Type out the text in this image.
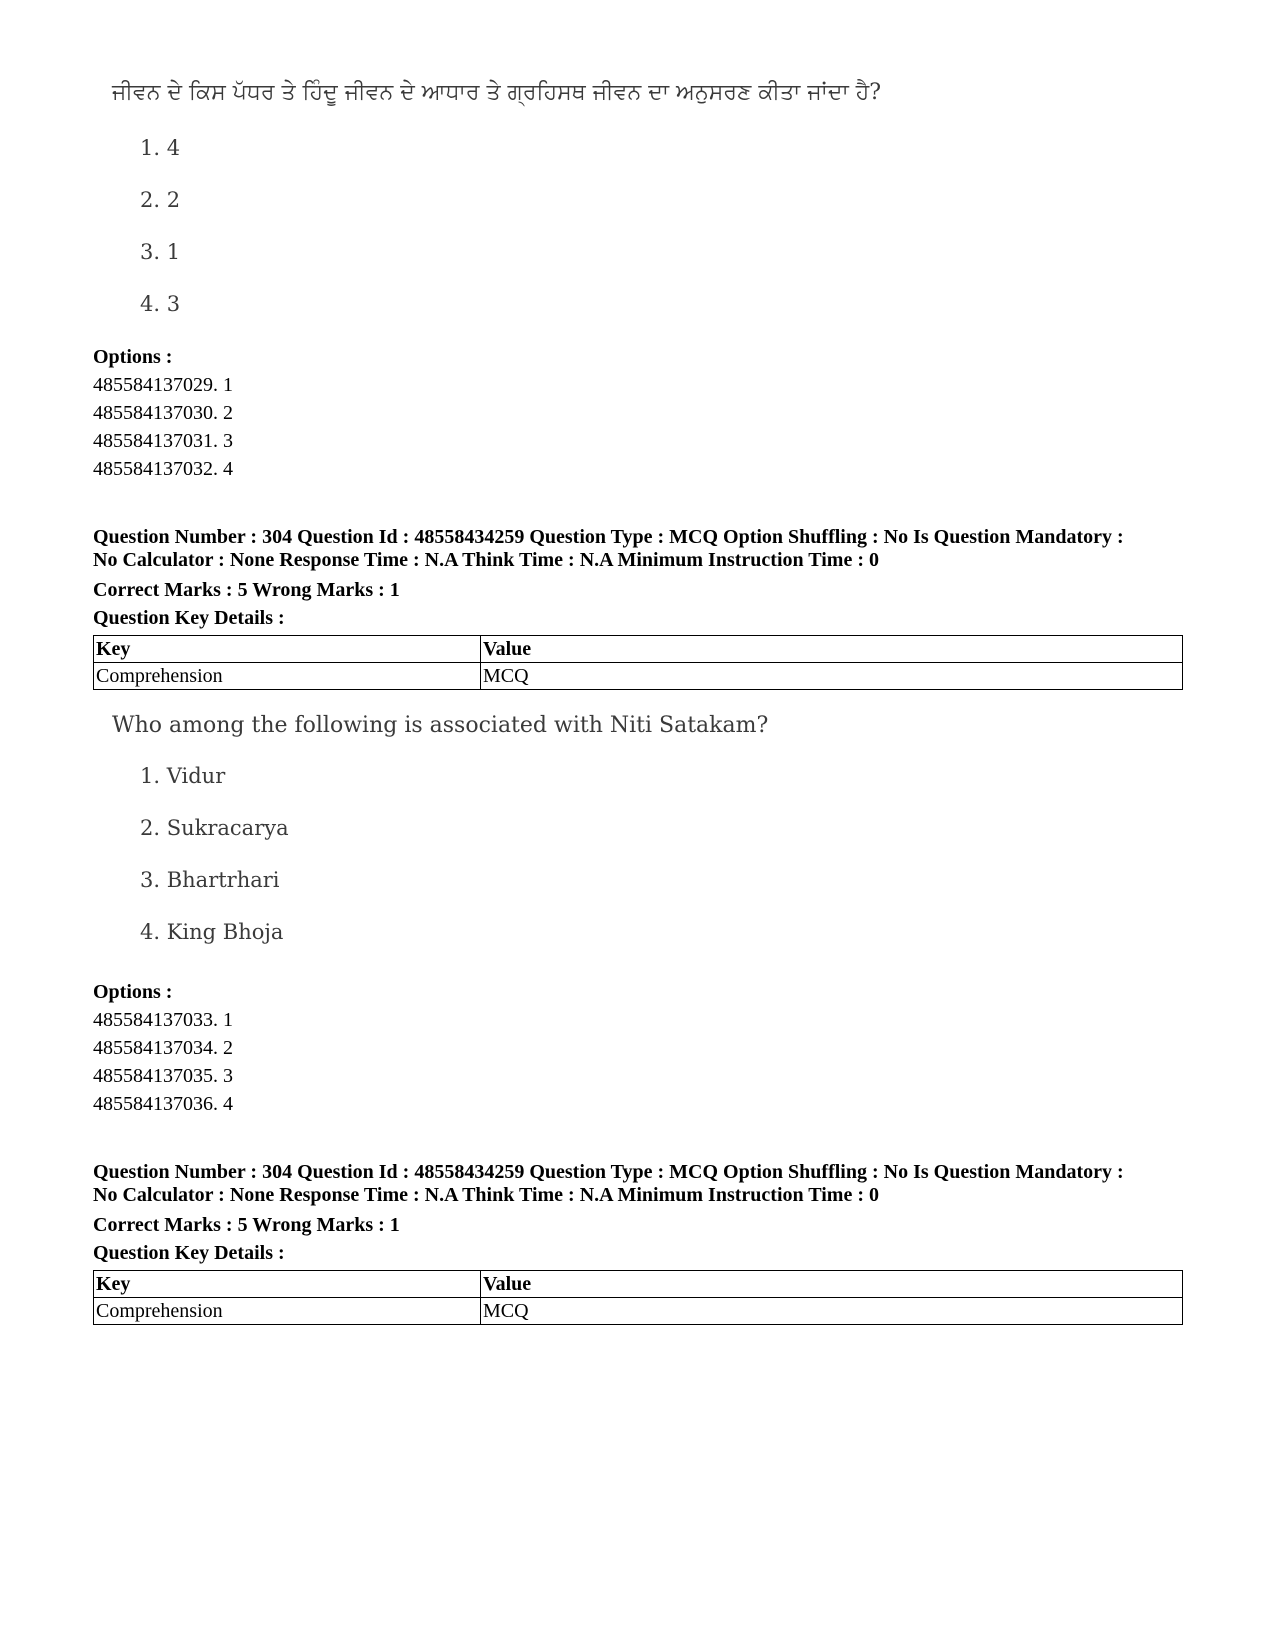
ਜੀਵਨ ਦੇ ਕਿਸ ਪੱਧਰ ਤੇ ਹਿੰਦੂ ਜੀਵਨ ਦੇ ਆਧਾਰ ਤੇ ਗ੍ਰਹਿਸਥ ਜੀਵਨ ਦਾ ਅਨੁਸਰਣ ਕੀਤਾ ਜਾਂਦਾ ਹੈ?
1. 4
2. 2
3. 1
4. 3
Options :
485584137029. 1
485584137030. 2
485584137031. 3
485584137032. 4
Question Number : 304 Question Id : 48558434259 Question Type : MCQ Option Shuffling : No Is Question Mandatory :
No Calculator : None Response Time : N.A Think Time : N.A Minimum Instruction Time : 0
Correct Marks : 5 Wrong Marks : 1
Question Key Details :
Key	Value
Comprehension	MCQ
Who among the following is associated with Niti Satakam?
1. Vidur
2. Sukracarya
3. Bhartrhari
4. King Bhoja
Options :
485584137033. 1
485584137034. 2
485584137035. 3
485584137036. 4
Question Number : 304 Question Id : 48558434259 Question Type : MCQ Option Shuffling : No Is Question Mandatory :
No Calculator : None Response Time : N.A Think Time : N.A Minimum Instruction Time : 0
Correct Marks : 5 Wrong Marks : 1
Question Key Details :
Key	Value
Comprehension	MCQ
